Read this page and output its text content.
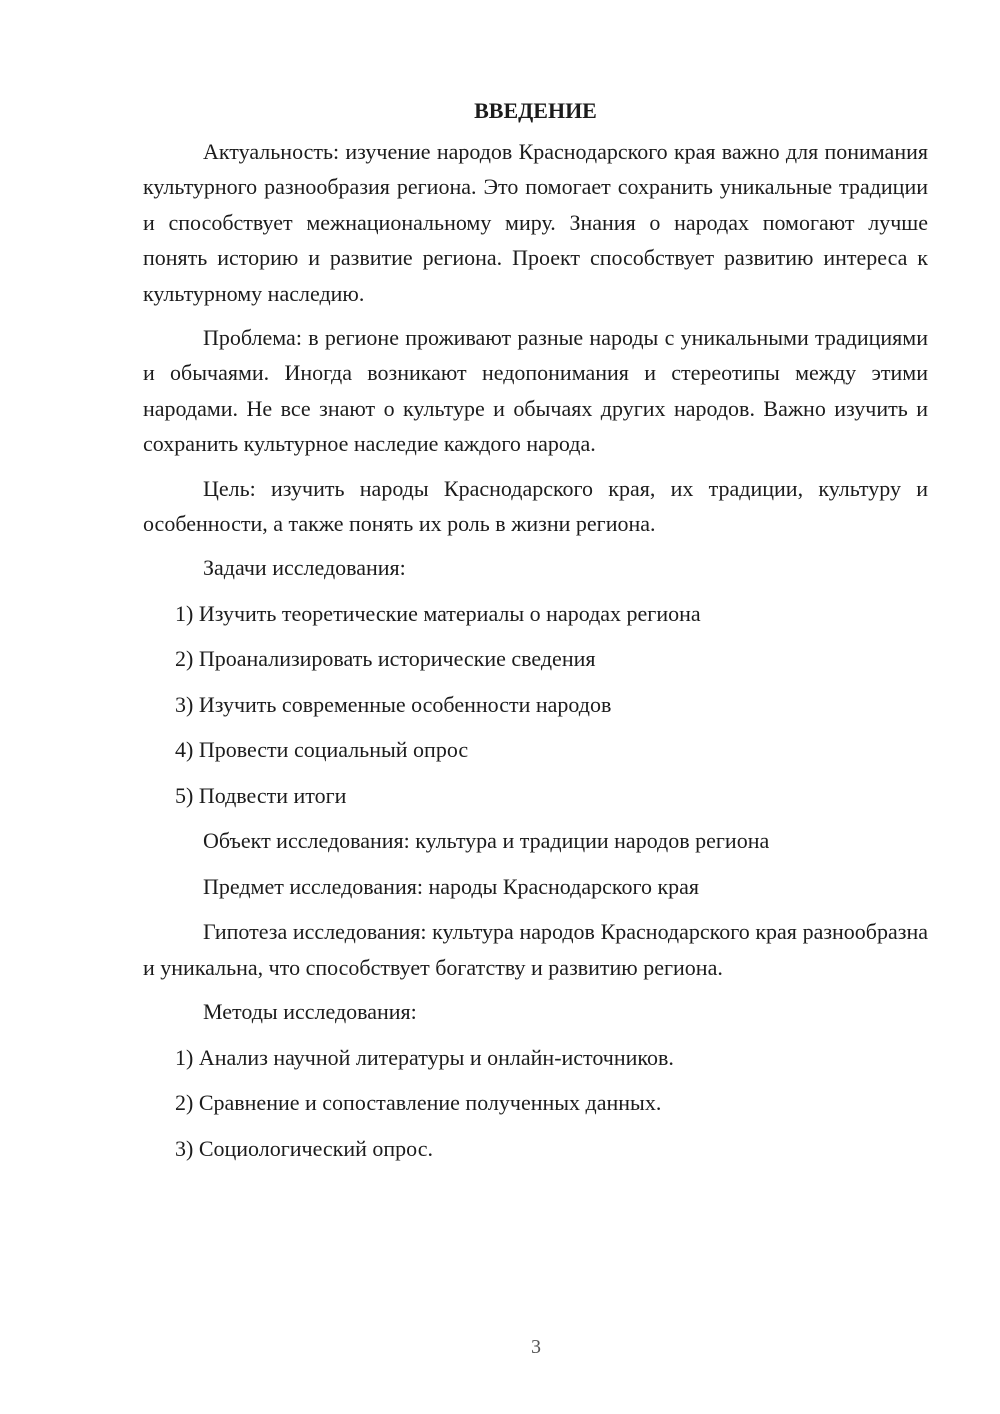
ВВЕДЕНИЕ

Актуальность: изучение народов Краснодарского края важно для понимания культурного разнообразия региона. Это помогает сохранить уникальные традиции и способствует межнациональному миру. Знания о народах помогают лучше понять историю и развитие региона. Проект способствует развитию интереса к культурному наследию.

Проблема: в регионе проживают разные народы с уникальными традициями и обычаями. Иногда возникают недопонимания и стереотипы между этими народами. Не все знают о культуре и обычаях других народов. Важно изучить и сохранить культурное наследие каждого народа.

Цель: изучить народы Краснодарского края, их традиции, культуру и особенности, а также понять их роль в жизни региона.

Задачи исследования:
1) Изучить теоретические материалы о народах региона
2) Проанализировать исторические сведения
3) Изучить современные особенности народов
4) Провести социальный опрос
5) Подвести итоги
Объект исследования: культура и традиции народов региона
Предмет исследования: народы Краснодарского края

Гипотеза исследования: культура народов Краснодарского края разнообразна и уникальна, что способствует богатству и развитию региона.

Методы исследования:
1) Анализ научной литературы и онлайн-источников.
2) Сравнение и сопоставление полученных данных.
3) Социологический опрос.
3
